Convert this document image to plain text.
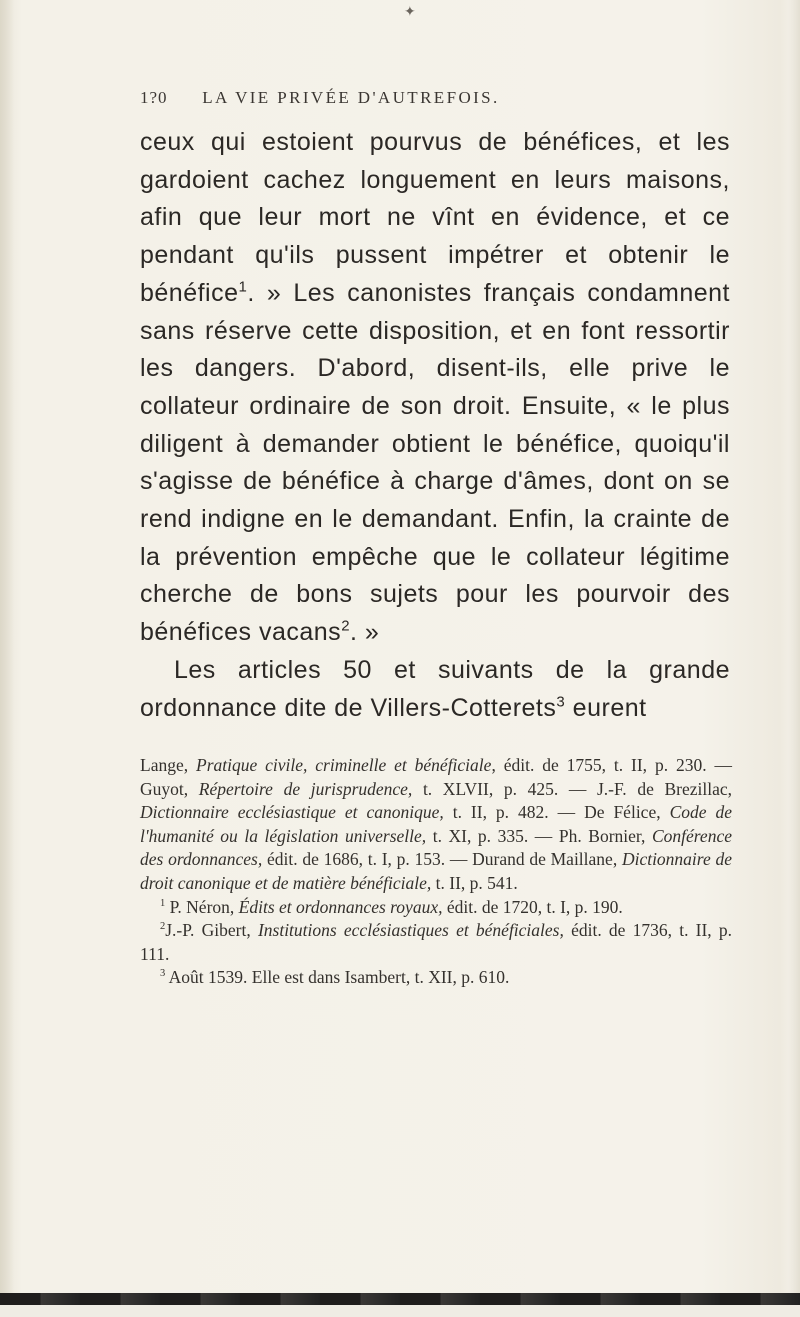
✦
1?0 LA VIE PRIVÉE D'AUTREFOIS.

ceux qui estoient pourvus de bénéfices, et les gardoient cachez longuement en leurs maisons, afin que leur mort ne vînt en évidence, et ce pendant qu'ils pussent impétrer et obtenir le bénéfice$^1$. » Les canonistes français condamnent sans réserve cette disposition, et en font ressortir les dangers. D'abord, disent-ils, elle prive le collateur ordinaire de son droit. Ensuite, « le plus diligent à demander obtient le bénéfice, quoiqu'il s'agisse de bénéfice à charge d'âmes, dont on se rend indigne en le demandant. Enfin, la crainte de la prévention empêche que le collateur légitime cherche de bons sujets pour les pourvoir des bénéfices vacans$^2$. »

Les articles 50 et suivants de la grande ordonnance dite de Villers-Cotterets$^3$ eurent

Lange, Pratique civile, criminelle et bénéficiale, édit. de 1755, t. II, p. 230. — Guyot, Répertoire de jurisprudence, t. XLVII, p. 425. — J.-F. de Brezillac, Dictionnaire ecclésiastique et canonique, t. II, p. 482. — De Félice, Code de l'humanité ou la législation universelle, t. XI, p. 335. — Ph. Bornier, Conférence des ordonnances, édit. de 1686, t. I, p. 153. — Durand de Maillane, Dictionnaire de droit canonique et de matière bénéficiale, t. II, p. 541.

$^1$ P. Néron, Édits et ordonnances royaux, édit. de 1720, t. I, p. 190.

$^2$J.-P. Gibert, Institutions ecclésiastiques et bénéficiales, édit. de 1736, t. II, p. 111.

$^3$ Août 1539. Elle est dans Isambert, t. XII, p. 610.
